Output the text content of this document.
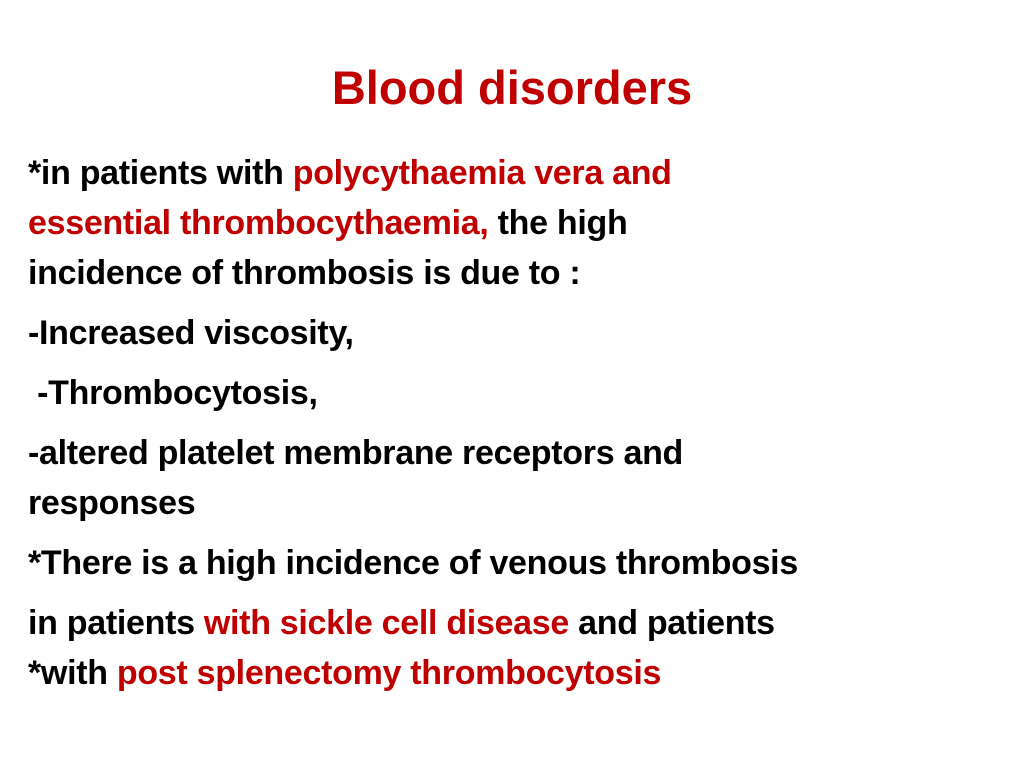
Blood disorders
*in patients with polycythaemia vera and
essential thrombocythaemia, the high
incidence of thrombosis is due to :
-Increased viscosity,
-Thrombocytosis,
-altered platelet membrane receptors and
responses
*There is a high incidence of venous thrombosis
in patients with sickle cell disease and patients
*with post splenectomy thrombocytosis
